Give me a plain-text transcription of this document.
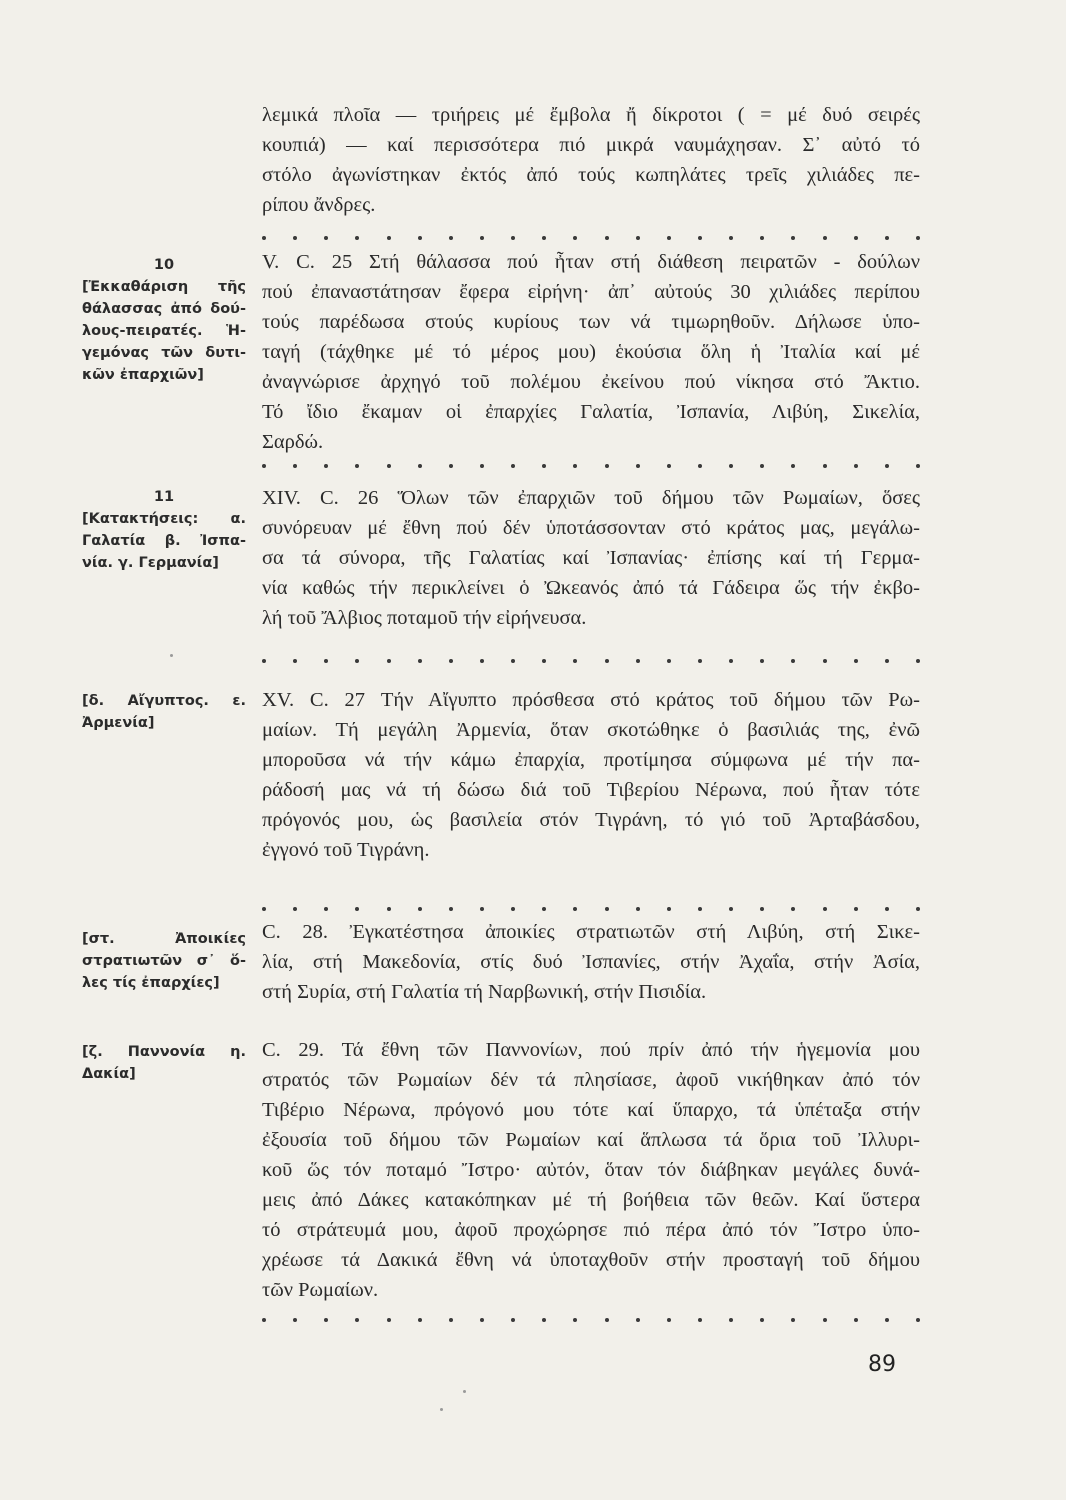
λεμικά πλοῖα — τριήρεις μέ ἔμβολα ἤ δίκροτοι ( = μέ δυό σειρές
κουπιά) — καί περισσότερα πιό μικρά ναυμάχησαν. Σ᾽ αὐτό τό
στόλο ἀγωνίστηκαν ἐκτός ἀπό τούς κωπηλάτες τρεῖς χιλιάδες πε-
ρίπου ἄνδρες.
V. C. 25 Στή θάλασσα πού ἦταν στή διάθεση πειρατῶν - δούλων
πού ἐπαναστάτησαν ἔφερα εἰρήνη· ἀπ᾽ αὐτούς 30 χιλιάδες περίπου
τούς παρέδωσα στούς κυρίους των νά τιμωρηθοῦν. Δήλωσε ὑπο-
ταγή (τάχθηκε μέ τό μέρος μου) ἑκούσια ὅλη ἡ Ἰταλία καί μέ
ἀναγνώρισε ἀρχηγό τοῦ πολέμου ἐκείνου πού νίκησα στό Ἄκτιο.
Τό ἴδιο ἔκαμαν οἱ ἐπαρχίες Γαλατία, Ἰσπανία, Λιβύη, Σικελία,
Σαρδώ.
XIV. C. 26 Ὅλων τῶν ἐπαρχιῶν τοῦ δήμου τῶν Ρωμαίων, ὅσες
συνόρευαν μέ ἔθνη πού δέν ὑποτάσσονταν στό κράτος μας, μεγάλω-
σα τά σύνορα, τῆς Γαλατίας καί Ἰσπανίας· ἐπίσης καί τή Γερμα-
νία καθώς τήν περικλείνει ὁ Ὠκεανός ἀπό τά Γάδειρα ὥς τήν ἐκβο-
λή τοῦ Ἄλβιος ποταμοῦ τήν εἰρήνευσα.
XV. C. 27 Τήν Αἴγυπτο πρόσθεσα στό κράτος τοῦ δήμου τῶν Ρω-
μαίων. Τή μεγάλη Ἀρμενία, ὅταν σκοτώθηκε ὁ βασιλιάς της, ἐνῶ
μποροῦσα νά τήν κάμω ἐπαρχία, προτίμησα σύμφωνα μέ τήν πα-
ράδοσή μας νά τή δώσω διά τοῦ Τιβερίου Νέρωνα, πού ἦταν τότε
πρόγονός μου, ὡς βασιλεία στόν Τιγράνη, τό γιό τοῦ Ἀρταβάσδου,
ἐγγονό τοῦ Τιγράνη.
C. 28. Ἐγκατέστησα ἀποικίες στρατιωτῶν στή Λιβύη, στή Σικε-
λία, στή Μακεδονία, στίς δυό Ἰσπανίες, στήν Ἀχαΐα, στήν Ἀσία,
στή Συρία, στή Γαλατία τή Ναρβωνική, στήν Πισιδία.
C. 29. Τά ἔθνη τῶν Παννονίων, πού πρίν ἀπό τήν ἡγεμονία μου
στρατός τῶν Ρωμαίων δέν τά πλησίασε, ἀφοῦ νικήθηκαν ἀπό τόν
Τιβέριο Νέρωνα, πρόγονό μου τότε καί ὕπαρχο, τά ὑπέταξα στήν
ἐξουσία τοῦ δήμου τῶν Ρωμαίων καί ἅπλωσα τά ὅρια τοῦ Ἰλλυρι-
κοῦ ὥς τόν ποταμό Ἴστρο· αὐτόν, ὅταν τόν διάβηκαν μεγάλες δυνά-
μεις ἀπό Δάκες κατακόπηκαν μέ τή βοήθεια τῶν θεῶν. Καί ὕστερα
τό στράτευμά μου, ἀφοῦ προχώρησε πιό πέρα ἀπό τόν Ἴστρο ὑπο-
χρέωσε τά Δακικά ἔθνη νά ὑποταχθοῦν στήν προσταγή τοῦ δήμου
τῶν Ρωμαίων.
10
[Ἐκκαθάριση τῆς
θάλασσας ἀπό δού-
λους-πειρατές. Ἡ-
γεμόνας τῶν δυτι-
κῶν ἐπαρχιῶν]
11
[Κατακτήσεις: α.
Γαλατία β. Ἰσπα-
νία. γ. Γερμανία]
[δ. Αἴγυπτος. ε.
Ἀρμενία]
[στ. Ἀποικίες
στρατιωτῶν σ᾽ ὅ-
λες τίς ἐπαρχίες]
[ζ. Παννονία η.
Δακία]
89
